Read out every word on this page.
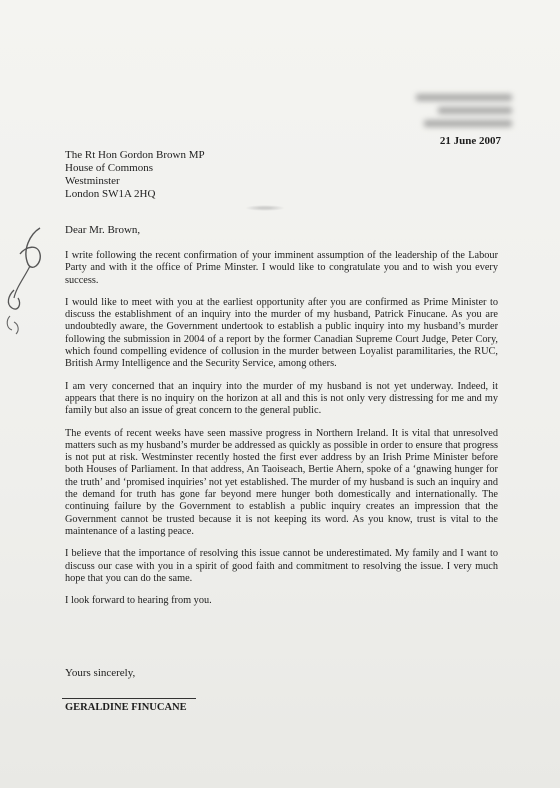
21 June 2007
The Rt Hon Gordon Brown MP
House of Commons
Westminster
London SW1A 2HQ
Dear Mr. Brown,

I write following the recent confirmation of your imminent assumption of the leadership of the Labour Party and with it the office of Prime Minster. I would like to congratulate you and to wish you every success.

I would like to meet with you at the earliest opportunity after you are confirmed as Prime Minister to discuss the establishment of an inquiry into the murder of my husband, Patrick Finucane. As you are undoubtedly aware, the Government undertook to establish a public inquiry into my husband’s murder following the submission in 2004 of a report by the former Canadian Supreme Court Judge, Peter Cory, which found compelling evidence of collusion in the murder between Loyalist paramilitaries, the RUC, British Army Intelligence and the Security Service, among others.

I am very concerned that an inquiry into the murder of my husband is not yet underway. Indeed, it appears that there is no inquiry on the horizon at all and this is not only very distressing for me and my family but also an issue of great concern to the general public.

The events of recent weeks have seen massive progress in Northern Ireland. It is vital that unresolved matters such as my husband’s murder be addressed as quickly as possible in order to ensure that progress is not put at risk. Westminster recently hosted the first ever address by an Irish Prime Minister before both Houses of Parliament. In that address, An Taoiseach, Bertie Ahern, spoke of a ‘gnawing hunger for the truth’ and ‘promised inquiries’ not yet established. The murder of my husband is such an inquiry and the demand for truth has gone far beyond mere hunger both domestically and internationally. The continuing failure by the Government to establish a public inquiry creates an impression that the Government cannot be trusted because it is not keeping its word. As you know, trust is vital to the maintenance of a lasting peace.

I believe that the importance of resolving this issue cannot be underestimated. My family and I want to discuss our case with you in a spirit of good faith and commitment to resolving the issue. I very much hope that you can do the same.

I look forward to hearing from you.

Yours sincerely,
GERALDINE FINUCANE
